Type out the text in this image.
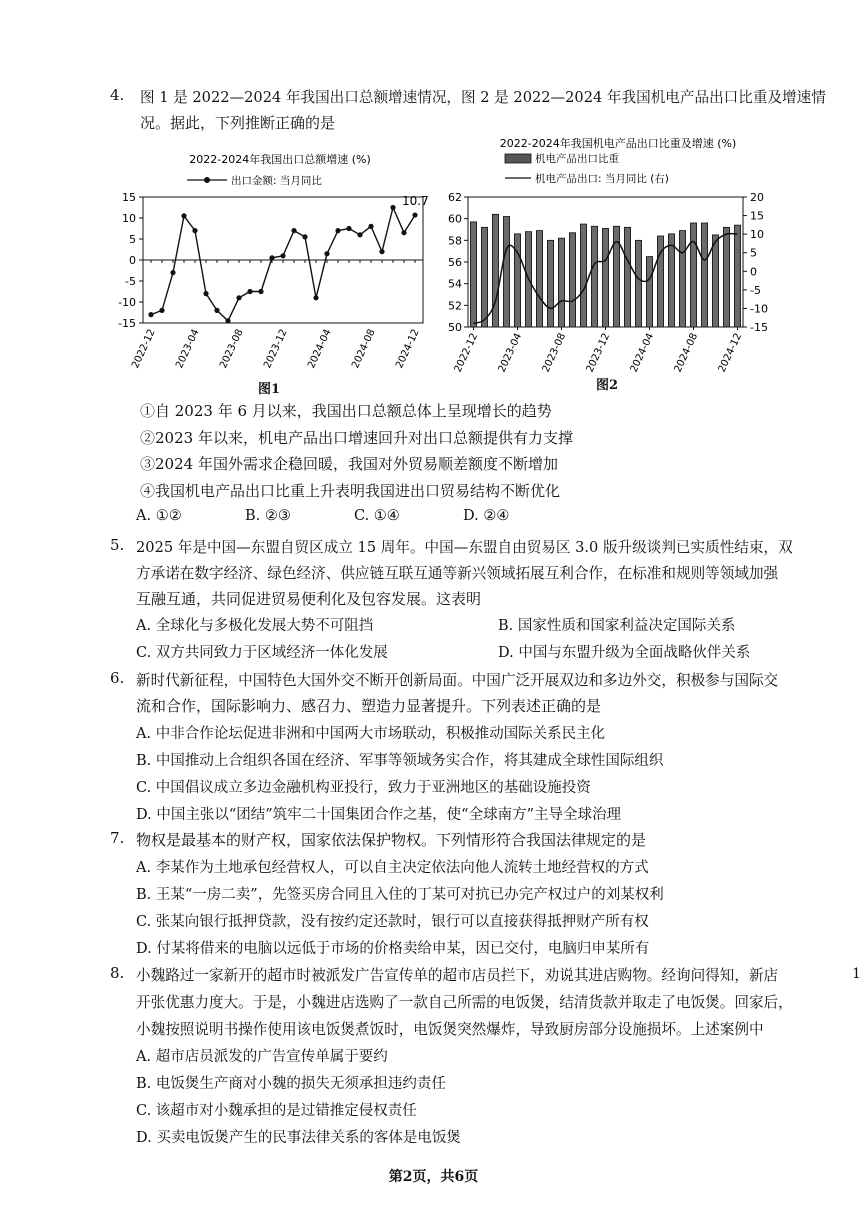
4. 图 1 是 2022—2024 年我国出口总额增速情况，图 2 是 2022—2024 年我国机电产品出口比重及增速情
况。据此，下列推断正确的是
2022-2024年我国出口总额增速 (%)
出口金额: 当月同比
-15
-10
-5
0
5
10
15
2022-12 2023-04 2023-08 2023-12 2024-04 2024-08 2024-12
10.7
图1
2022-2024年我国机电产品出口比重及增速 (%)
机电产品出口比重
机电产品出口: 当月同比 (右)
50
52
54
56
58
60
62
-15
-10
-5
0
5
10
15
20
2022-12 2023-04 2023-08 2023-12 2024-04 2024-08 2024-12
图2
①自 2023 年 6 月以来，我国出口总额总体上呈现增长的趋势
②2023 年以来，机电产品出口增速回升对出口总额提供有力支撑
③2024 年国外需求企稳回暖，我国对外贸易顺差额度不断增加
④我国机电产品出口比重上升表明我国进出口贸易结构不断优化
A. ①②	B. ②③	C. ①④	D. ②④
5. 2025 年是中国—东盟自贸区成立 15 周年。中国—东盟自由贸易区 3.0 版升级谈判已实质性结束，双
方承诺在数字经济、绿色经济、供应链互联互通等新兴领域拓展互利合作，在标准和规则等领域加强
互融互通，共同促进贸易便利化及包容发展。这表明
A. 全球化与多极化发展大势不可阻挡	B. 国家性质和国家利益决定国际关系
C. 双方共同致力于区域经济一体化发展	D. 中国与东盟升级为全面战略伙伴关系
6. 新时代新征程，中国特色大国外交不断开创新局面。中国广泛开展双边和多边外交，积极参与国际交
流和合作，国际影响力、感召力、塑造力显著提升。下列表述正确的是
A. 中非合作论坛促进非洲和中国两大市场联动，积极推动国际关系民主化
B. 中国推动上合组织各国在经济、军事等领域务实合作，将其建成全球性国际组织
C. 中国倡议成立多边金融机构亚投行，致力于亚洲地区的基础设施投资
D. 中国主张以“团结”筑牢二十国集团合作之基，使“全球南方”主导全球治理
7. 物权是最基本的财产权，国家依法保护物权。下列情形符合我国法律规定的是
A. 李某作为土地承包经营权人，可以自主决定依法向他人流转土地经营权的方式
B. 王某“一房二卖”，先签买房合同且入住的丁某可对抗已办完产权过户的刘某权利
C. 张某向银行抵押贷款，没有按约定还款时，银行可以直接获得抵押财产所有权
D. 付某将借来的电脑以远低于市场的价格卖给申某，因已交付，电脑归申某所有
8. 小魏路过一家新开的超市时被派发广告宣传单的超市店员拦下，劝说其进店购物。经询问得知，新店
开张优惠力度大。于是，小魏进店选购了一款自己所需的电饭煲，结清货款并取走了电饭煲。回家后，
小魏按照说明书操作使用该电饭煲煮饭时，电饭煲突然爆炸，导致厨房部分设施损坏。上述案例中
A. 超市店员派发的广告宣传单属于要约
B. 电饭煲生产商对小魏的损失无须承担违约责任
C. 该超市对小魏承担的是过错推定侵权责任
D. 买卖电饭煲产生的民事法律关系的客体是电饭煲
1
第2页，共6页
